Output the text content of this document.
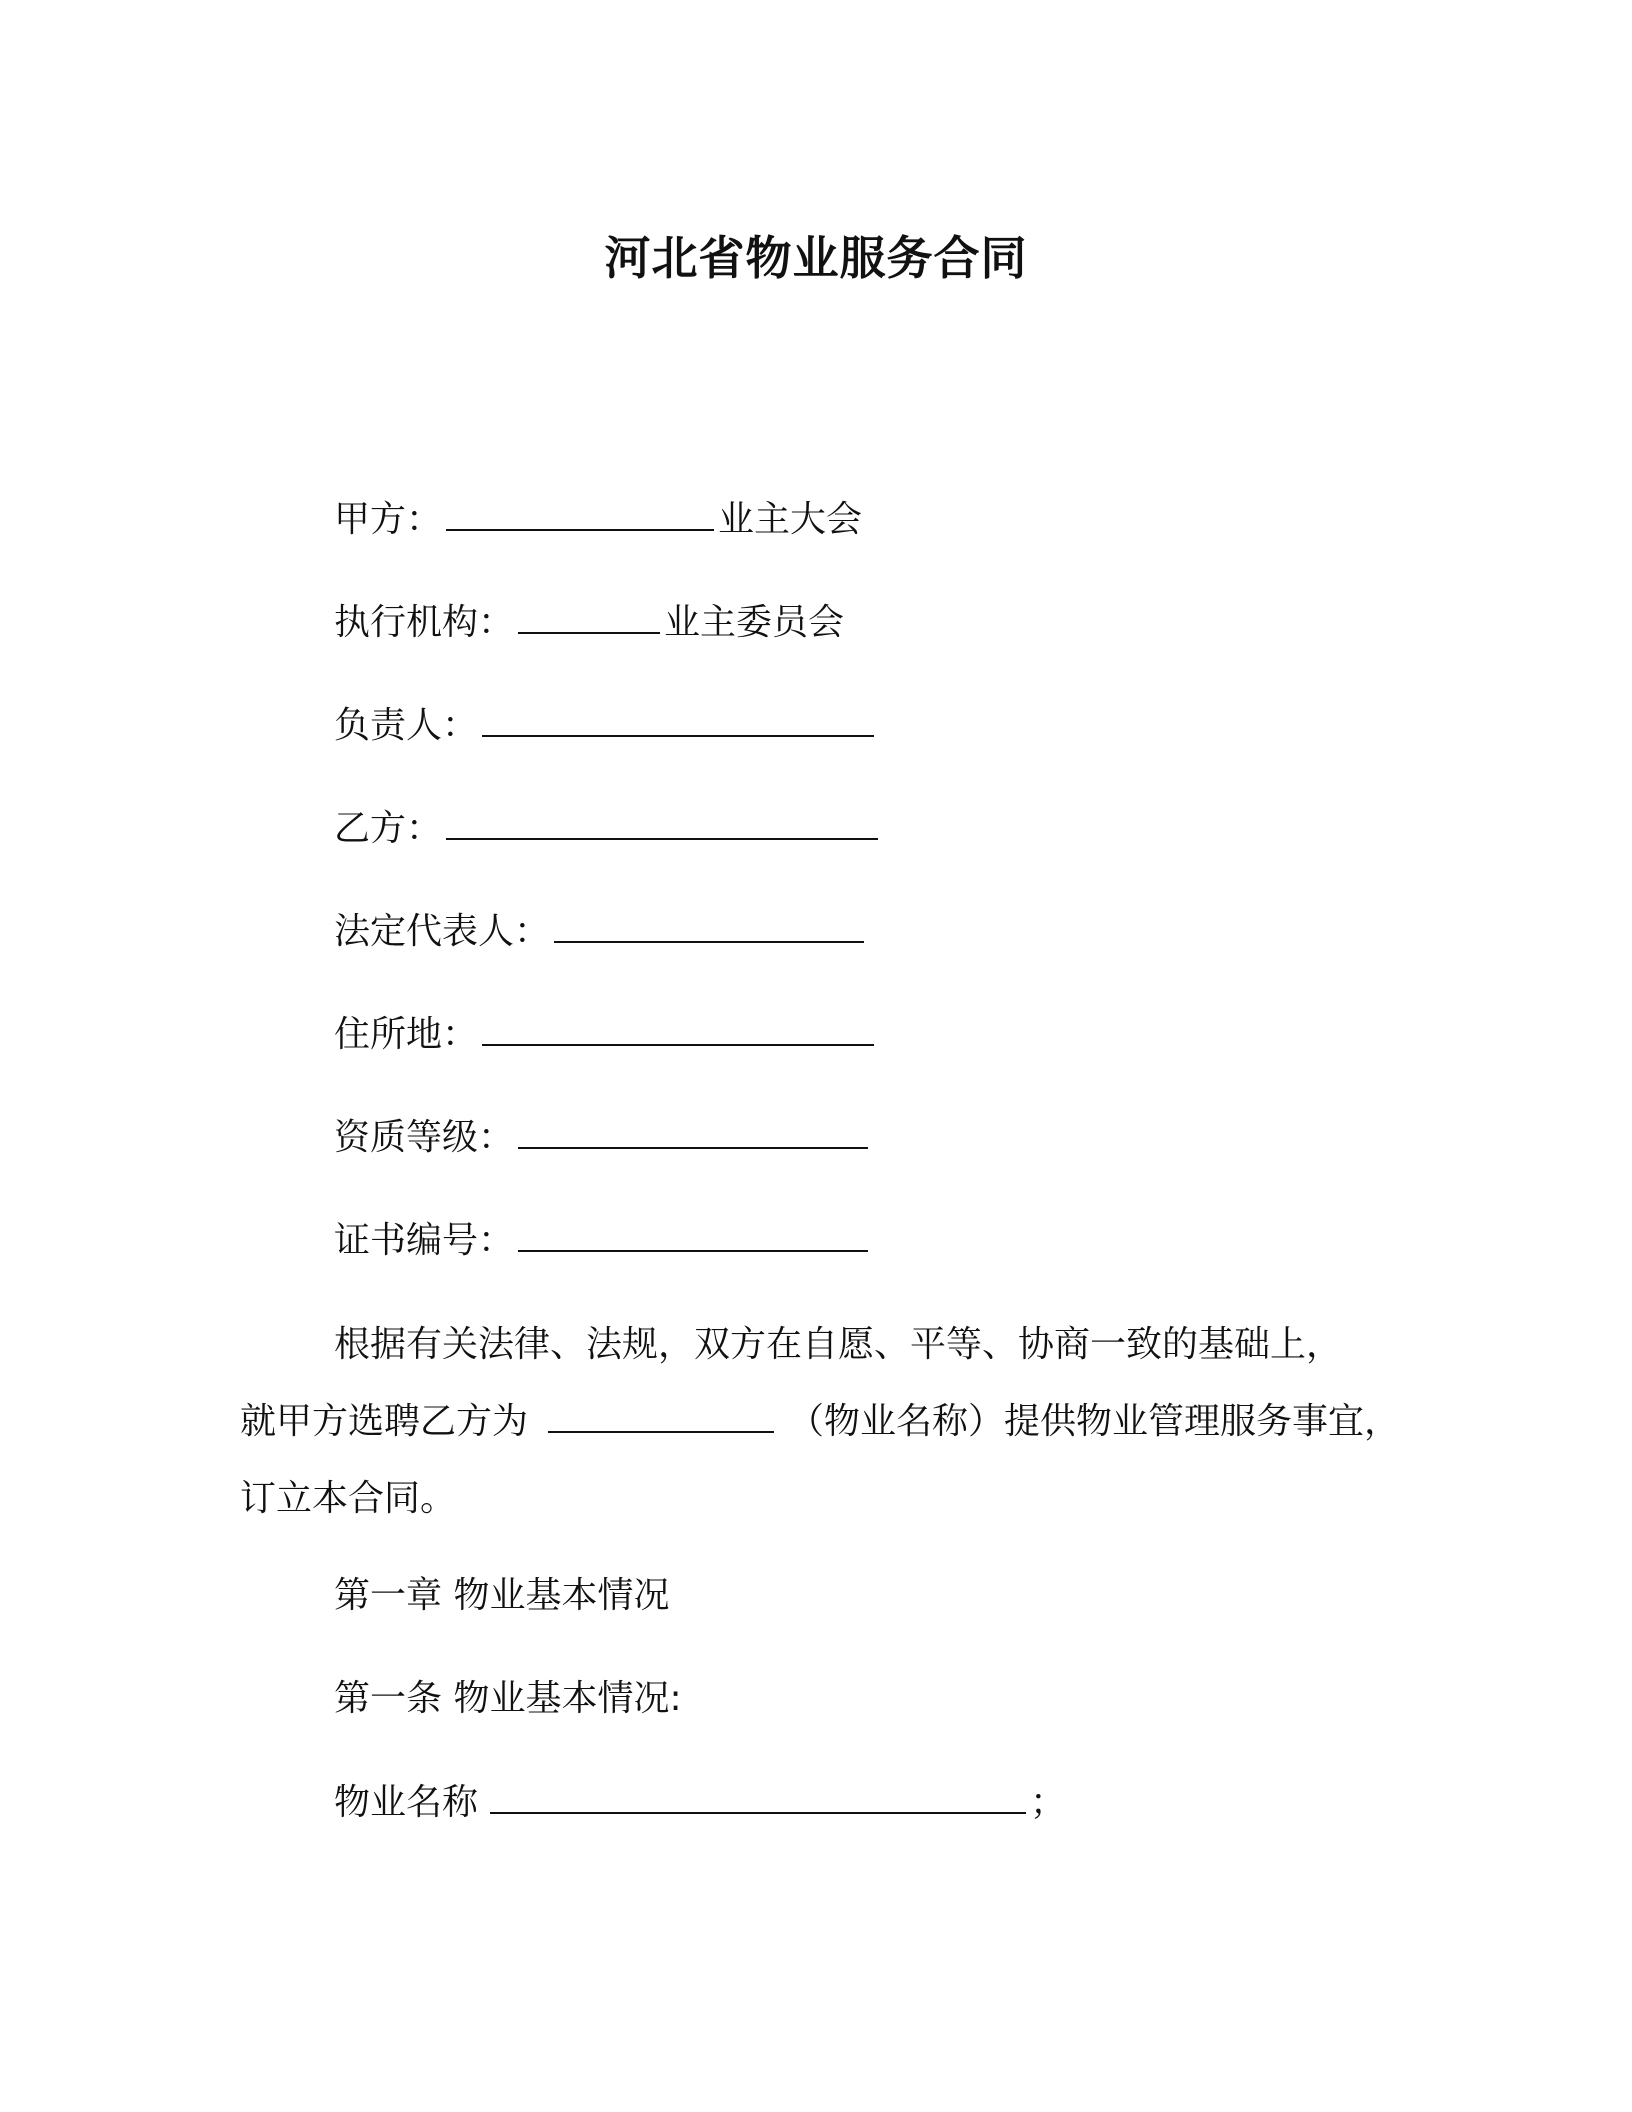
河北省物业服务合同
甲方：	业主大会
执行机构：	业主委员会
负责人：
乙方：
法定代表人：
住所地：
资质等级：
证书编号：
根据有关法律、法规，双方在自愿、平等、协商一致的基础上，
就甲方选聘乙方为	（物业名称）提供物业管理服务事宜，
订立本合同。
第一章 物业基本情况
第一条 物业基本情况:
物业名称	；
